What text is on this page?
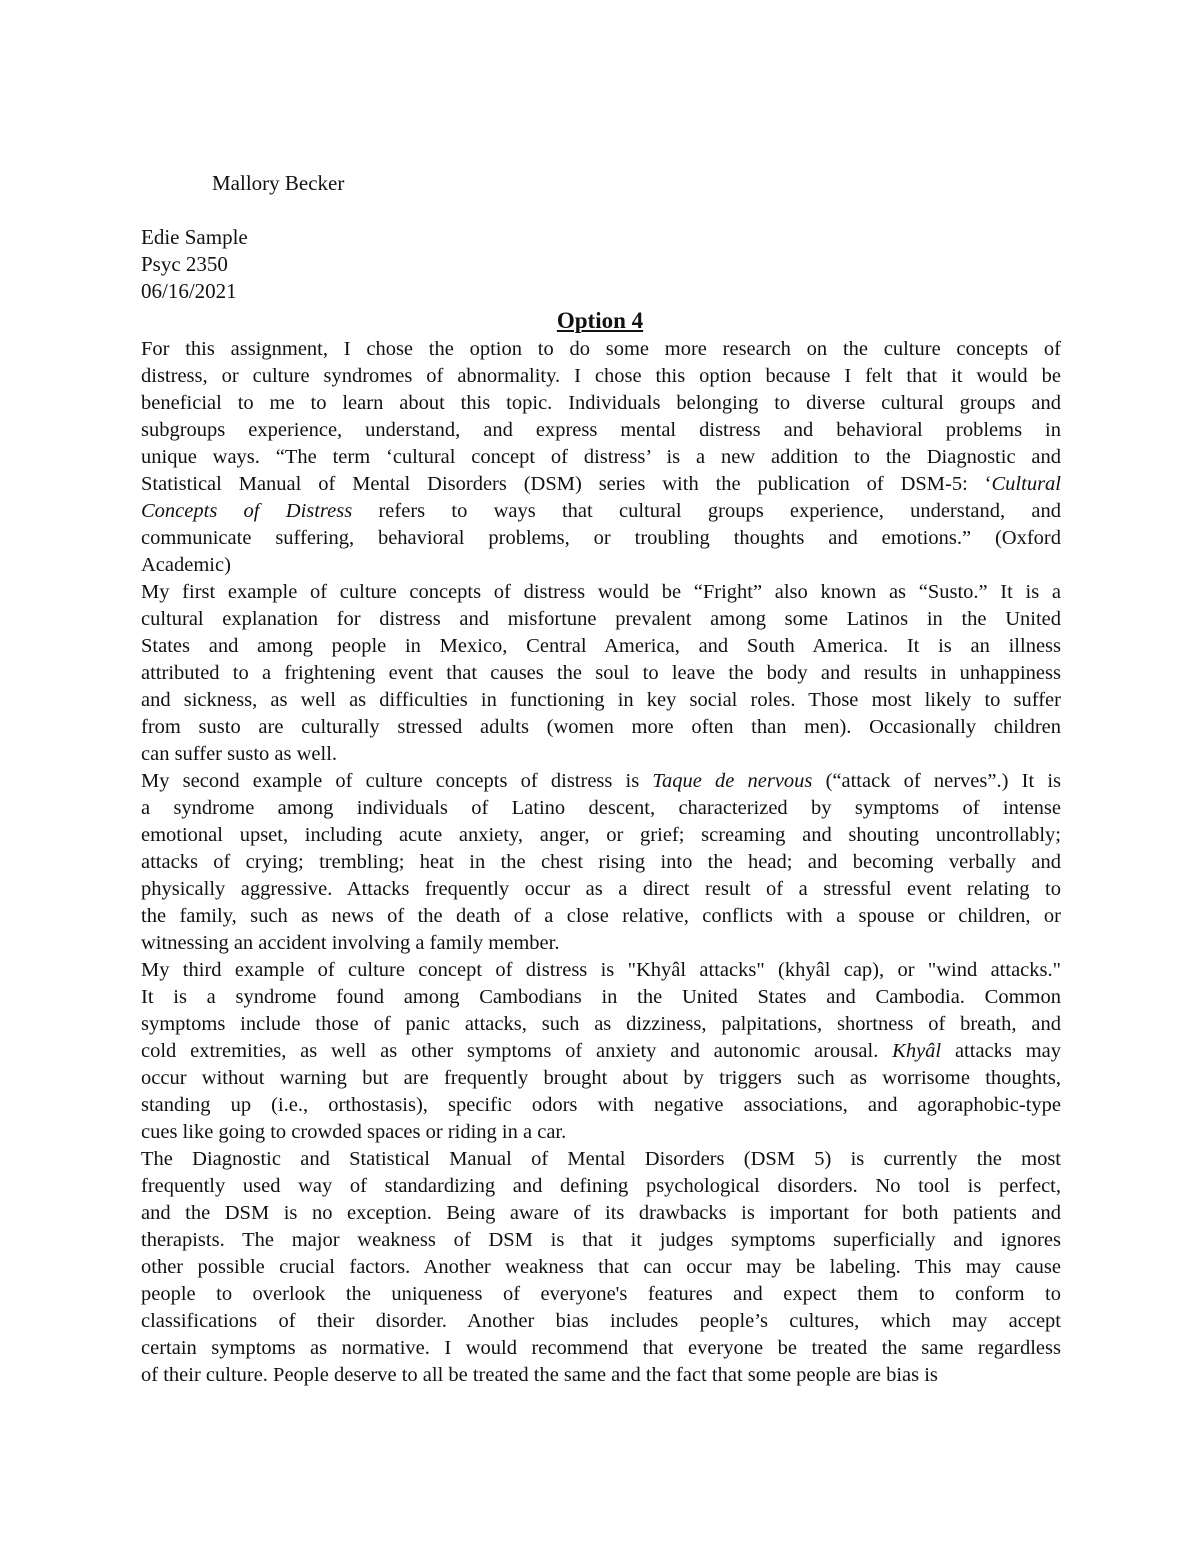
Mallory Becker

Edie Sample
Psyc 2350
06/16/2021
Option 4

For this assignment, I chose the option to do some more research on the culture concepts of
distress, or culture syndromes of abnormality. I chose this option because I felt that it would be
beneficial to me to learn about this topic. Individuals belonging to diverse cultural groups and
subgroups experience, understand, and express mental distress and behavioral problems in
unique ways. “The term ‘cultural concept of distress’ is a new addition to the Diagnostic and
Statistical Manual of Mental Disorders (DSM) series with the publication of DSM-5: ‘Cultural
Concepts of Distress refers to ways that cultural groups experience, understand, and
communicate suffering, behavioral problems, or troubling thoughts and emotions.” (Oxford
Academic)

My first example of culture concepts of distress would be “Fright” also known as “Susto.” It is a
cultural explanation for distress and misfortune prevalent among some Latinos in the United
States and among people in Mexico, Central America, and South America. It is an illness
attributed to a frightening event that causes the soul to leave the body and results in unhappiness
and sickness, as well as difficulties in functioning in key social roles. Those most likely to suffer
from susto are culturally stressed adults (women more often than men). Occasionally children
can suffer susto as well.

My second example of culture concepts of distress is Taque de nervous (“attack of nerves”.) It is
a syndrome among individuals of Latino descent, characterized by symptoms of intense
emotional upset, including acute anxiety, anger, or grief; screaming and shouting uncontrollably;
attacks of crying; trembling; heat in the chest rising into the head; and becoming verbally and
physically aggressive. Attacks frequently occur as a direct result of a stressful event relating to
the family, such as news of the death of a close relative, conflicts with a spouse or children, or
witnessing an accident involving a family member.

My third example of culture concept of distress is "Khyâl attacks" (khyâl cap), or "wind attacks."
It is a syndrome found among Cambodians in the United States and Cambodia. Common
symptoms include those of panic attacks, such as dizziness, palpitations, shortness of breath, and
cold extremities, as well as other symptoms of anxiety and autonomic arousal. Khyâl attacks may
occur without warning but are frequently brought about by triggers such as worrisome thoughts,
standing up (i.e., orthostasis), specific odors with negative associations, and agoraphobic-type
cues like going to crowded spaces or riding in a car.

The Diagnostic and Statistical Manual of Mental Disorders (DSM 5) is currently the most
frequently used way of standardizing and defining psychological disorders. No tool is perfect,
and the DSM is no exception. Being aware of its drawbacks is important for both patients and
therapists. The major weakness of DSM is that it judges symptoms superficially and ignores
other possible crucial factors. Another weakness that can occur may be labeling. This may cause
people to overlook the uniqueness of everyone's features and expect them to conform to
classifications of their disorder. Another bias includes people’s cultures, which may accept
certain symptoms as normative. I would recommend that everyone be treated the same regardless
of their culture. People deserve to all be treated the same and the fact that some people are bias is
